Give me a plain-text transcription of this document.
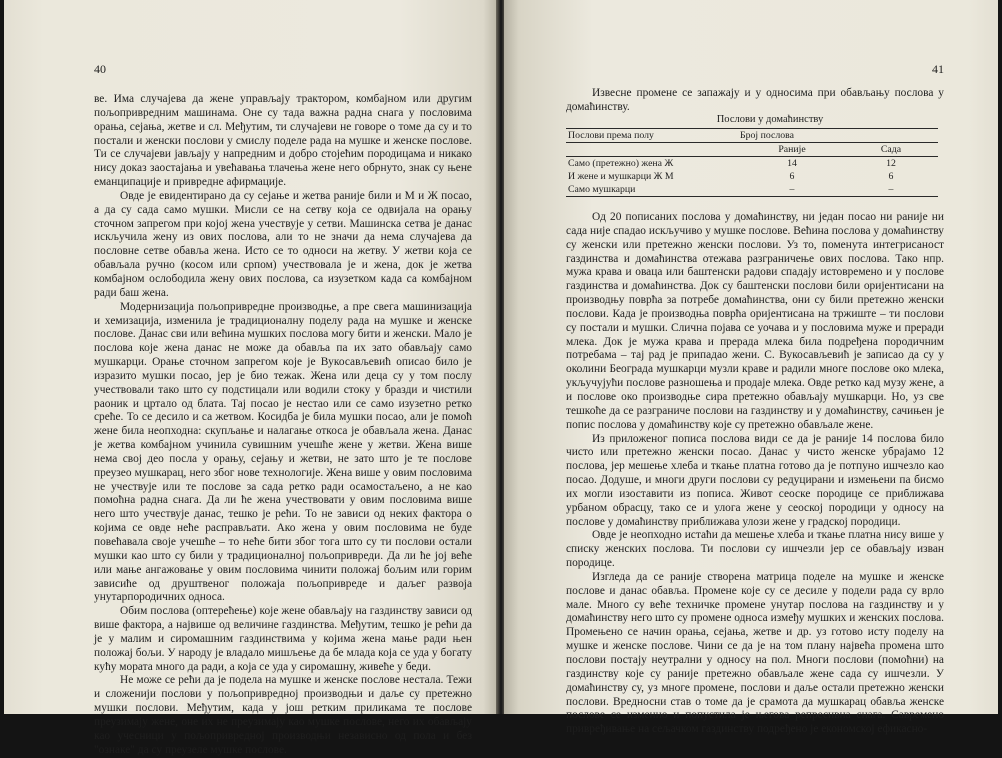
40

ве. Има случајева да жене управљају трактором, комбајном или другим пољопривредним машинама. Оне су тада важна радна снага у пословима орања, сејања, жетве и сл. Међутим, ти случајеви не говоре о томе да су и то постали и женски послови у смислу поделе рада на мушке и женске послове. Ти се случајеви јављају у напредним и добро стојећим породицама и никако нису доказ заостајања и увећавања тлачења жене него обрнуто, знак су њене еманципације и привредне афирмације.

Овде је евидентирано да су сејање и жетва раније били и М и Ж посао, а да су сада само мушки. Мисли се на сетву која се одвијала на орању сточном запрегом при којој жена учествује у сетви. Машинска сетва је данас искључила жену из ових послова, али то не значи да нема случајева да пословне сетве обавља жена. Исто се то односи на жетву. У жетви која се обављала ручно (косом или српом) учествовала је и жена, док је жетва комбајном ослободила жену ових послова, са изузетком када са комбајном ради баш жена.

Модернизација пољопривредне производње, а пре свега машинизација и хемизација, изменила је традиционалну поделу рада на мушке и женске послове. Данас сви или већина мушких послова могу бити и женски. Мало је послова које жена данас не може да обавља па их зато обављају само мушкарци. Орање сточном запрегом које је Вукосављевић описао било је изразито мушки посао, јер је био тежак. Жена или деца су у том послу учествовали тако што су подстицали или водили стоку у бразди и чистили раоник и цртало од блата. Тај посао је нестао или се само изузетно ретко среће. То се десило и са жетвом. Косидба је била мушки посао, али је помоћ жене била неопходна: скупљање и налагање откоса је обављала жена. Данас је жетва комбајном учинила сувишним учешће жене у жетви. Жена више нема свој део посла у орању, сејању и жетви, не зато што је те послове преузео мушкарац, него због нове технологије. Жена више у овим пословима не учествује или те послове за сада ретко ради осамостаљено, а не као помоћна радна снага. Да ли ће жена учествовати у овим пословима више него што учествује данас, тешко је рећи. То не зависи од неких фактора о којима се овде неће расправљати. Ако жена у овим пословима не буде повећавала своје учешће – то неће бити због тога што су ти послови остали мушки као што су били у традиционалној пољопривреди. Да ли ће јој веће или мање ангажовање у овим пословима чинити положај бољим или горим зависиће од друштвеног положаја пољопривреде и даљег развоја унутарпородичних односа.

Обим послова (оптерећење) које жене обављају на газдинству зависи од више фактора, а највише од величине газдинства. Међутим, тешко је рећи да је у малим и сиромашним газдинствима у којима жена мање ради њен положај бољи. У народу је владало мишљење да бе млада која се уда у богату кућу мората много да ради, а која се уда у сиромашну, живеће у беди.

Не може се рећи да је подела на мушке и женске послове нестала. Тежи и сложенији послови у пољопривредној производњи и даље су претежно мушки послови. Међутим, када у још ретким приликама те послове преузимају жене, оне их не преузимају као мушке послове, него их обављају као учесници у пољопривредној производњи независно од пола и без "ознаке" да су преузеле мушке послове.

41

Извесне промене се запажају и у односима при обављању послова у домаћинству.

Послови у домаћинству
Послови према полу	Број послова	
	Раније	Сада
Само (претежно) жена Ж	14	12
И жене и мушкарци Ж М	6	6
Само мушкарци	–	–

Од 20 пописаних послова у домаћинству, ни један посао ни раније ни сада није спадао искључиво у мушке послове. Већина послова у домаћинству су женски или претежно женски послови. Уз то, поменута интегрисаност газдинства и домаћинства отежава разграничење ових послова. Тако нпр. мужа крава и оваца или баштенски радови спадају истовремено и у послове газдинства и домаћинства. Док су баштенски послови били оријентисани на производњу поврћа за потребе домаћинства, они су били претежно женски послови. Када је производња поврћа оријентисана на тржиште – ти послови су постали и мушки. Слична појава се уочава и у пословима муже и преради млека. Док је мужа крава и прерада млека била подређена породичним потребама – тај рад је припадао жени. С. Вукосављевић је записао да су у околини Београда мушкарци музли краве и радили многе послове око млека, укључујући послове разношења и продаје млека. Овде ретко кад музу жене, а и послове око производње сира претежно обављају мушкарци. Но, уз све тешкоће да се разграниче послови на газдинству и у домаћинству, сачињен је попис послова у домаћинству које су претежно обављале жене.

Из приложеног пописа послова види се да је раније 14 послова било чисто или претежно женски посао. Данас у чисто женске убрајамо 12 послова, јер мешење хлеба и ткање платна готово да је потпуно ишчезло као посао. Додуше, и многи други послови су редуцирани и измењени па бисмо их могли изоставити из пописа. Живот сеоске породице се приближава урбаном обрасцу, тако се и улога жене у сеоској породици у односу на послове у домаћинству приближава улози жене у градској породици.

Овде је неопходно истаћи да мешење хлеба и ткање платна нису више у спиcку женских послова. Ти послови су ишчезли јер се обављају изван породице.

Изгледа да се раније створена матрица поделе на мушке и женске послове и данас обавља. Промене које су се десиле у подели рада су врло мале. Много су веће техничке промене унутар послова на газдинству и у домаћинству него што су промене односа између мушких и женских послова. Промењено се начин орања, сејања, жетве и др. уз готово исту поделу на мушке и женске послове. Чини се да је на том плану највећа промена што послови постају неутрални у односу на пол. Многи послови (помоћни) на газдинству које су раније претежно обављале жене сада су ишчезли. У домаћинству су, уз многе промене, послови и даље остали претежно женски послови. Вредносни став о томе да је срамота да мушкарац обавља женске послове се изменио и попустила је његова репресивна снага. Савремено привређивање на сељачком газдинству подређено је економској ефикасно-
